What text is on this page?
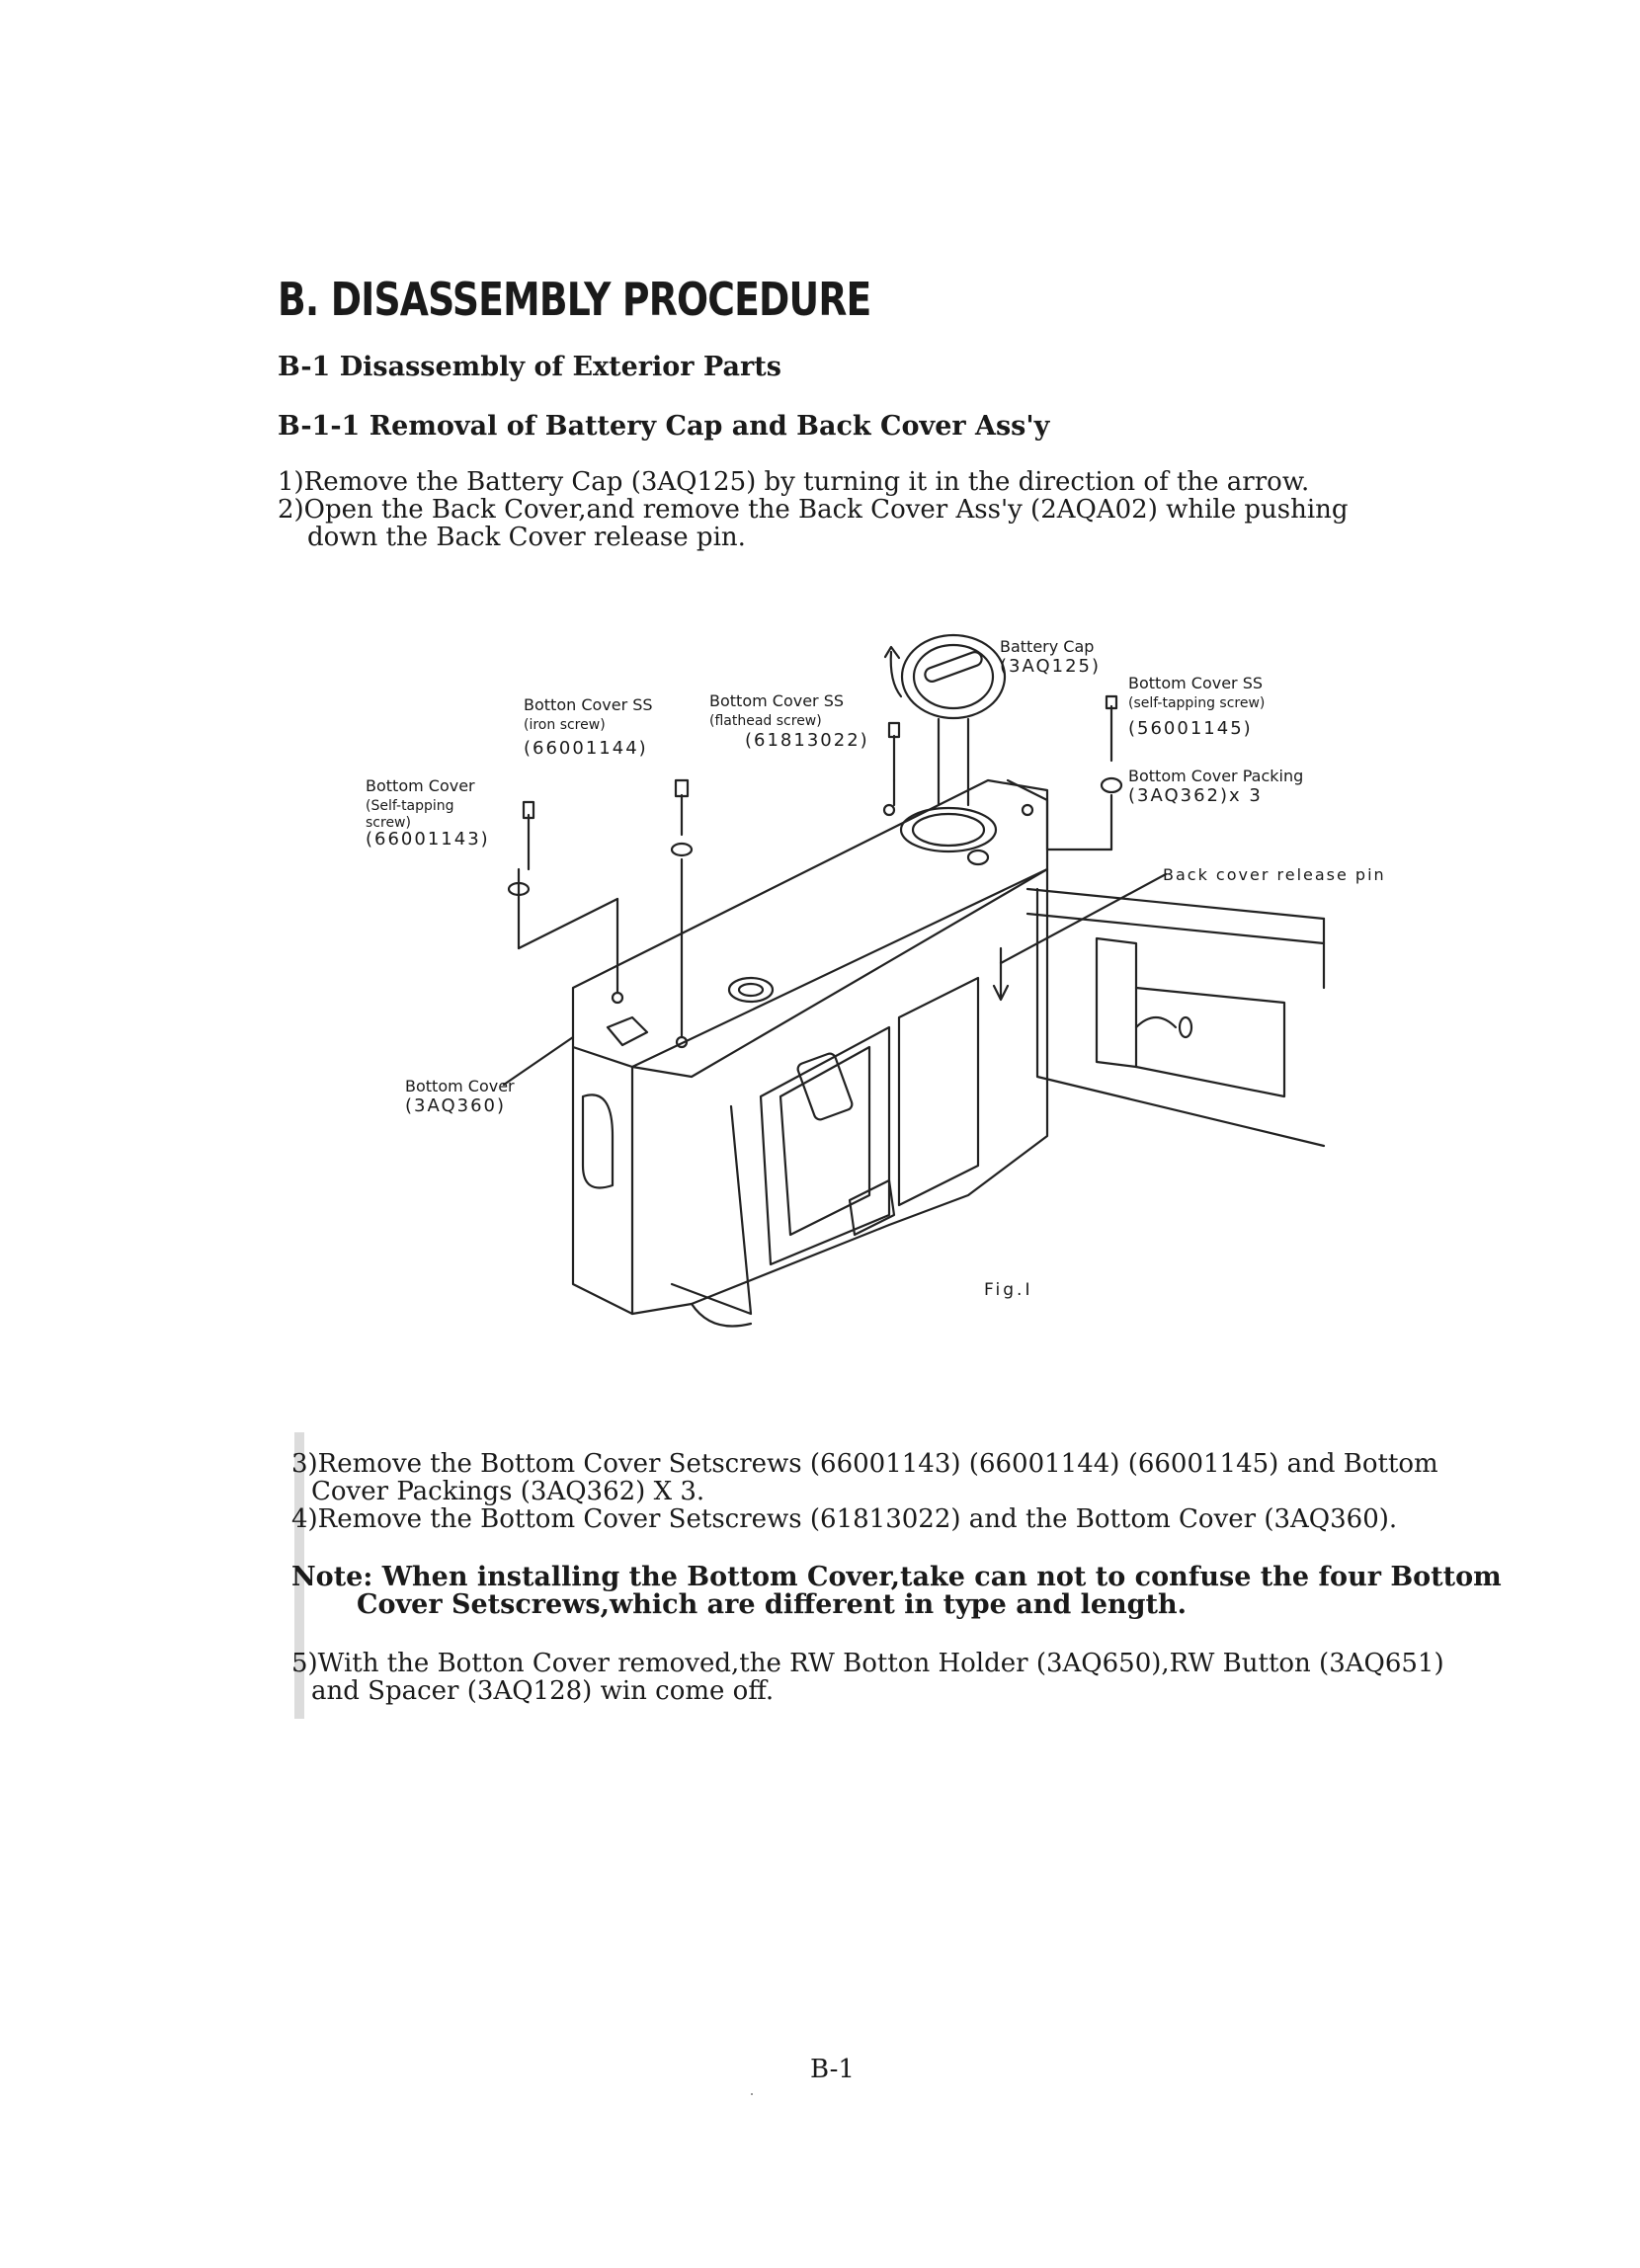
B. DISASSEMBLY PROCEDURE
B-1 Disassembly of Exterior Parts
B-1-1 Removal of Battery Cap and Back Cover Ass'y
1)Remove the Battery Cap (3AQ125) by turning it in the direction of the arrow.
2)Open the Back Cover,and remove the Back Cover Ass'y (2AQA02) while pushing
down the Back Cover release pin.
Battery Cap
(3AQ125)
Bottom Cover SS
(self-tapping screw)
(56001145)
Bottom Cover Packing
(3AQ362)x 3
Back cover release pin
Botton Cover SS
(iron screw)
(66001144)
Bottom Cover SS
(flathead screw)
(61813022)
Bottom Cover
(Self-tapping
screw)
(66001143)
Bottom Cover
(3AQ360)
Fig.I
3)Remove the Bottom Cover Setscrews (66001143) (66001144) (66001145) and Bottom
Cover Packings (3AQ362) X 3.
4)Remove the Bottom Cover Setscrews (61813022) and the Bottom Cover (3AQ360).
Note: When installing the Bottom Cover,take can not to confuse the four Bottom
Cover Setscrews,which are different in type and length.
5)With the Botton Cover removed,the RW Botton Holder (3AQ650),RW Button (3AQ651)
and Spacer (3AQ128) win come off.
B-1
